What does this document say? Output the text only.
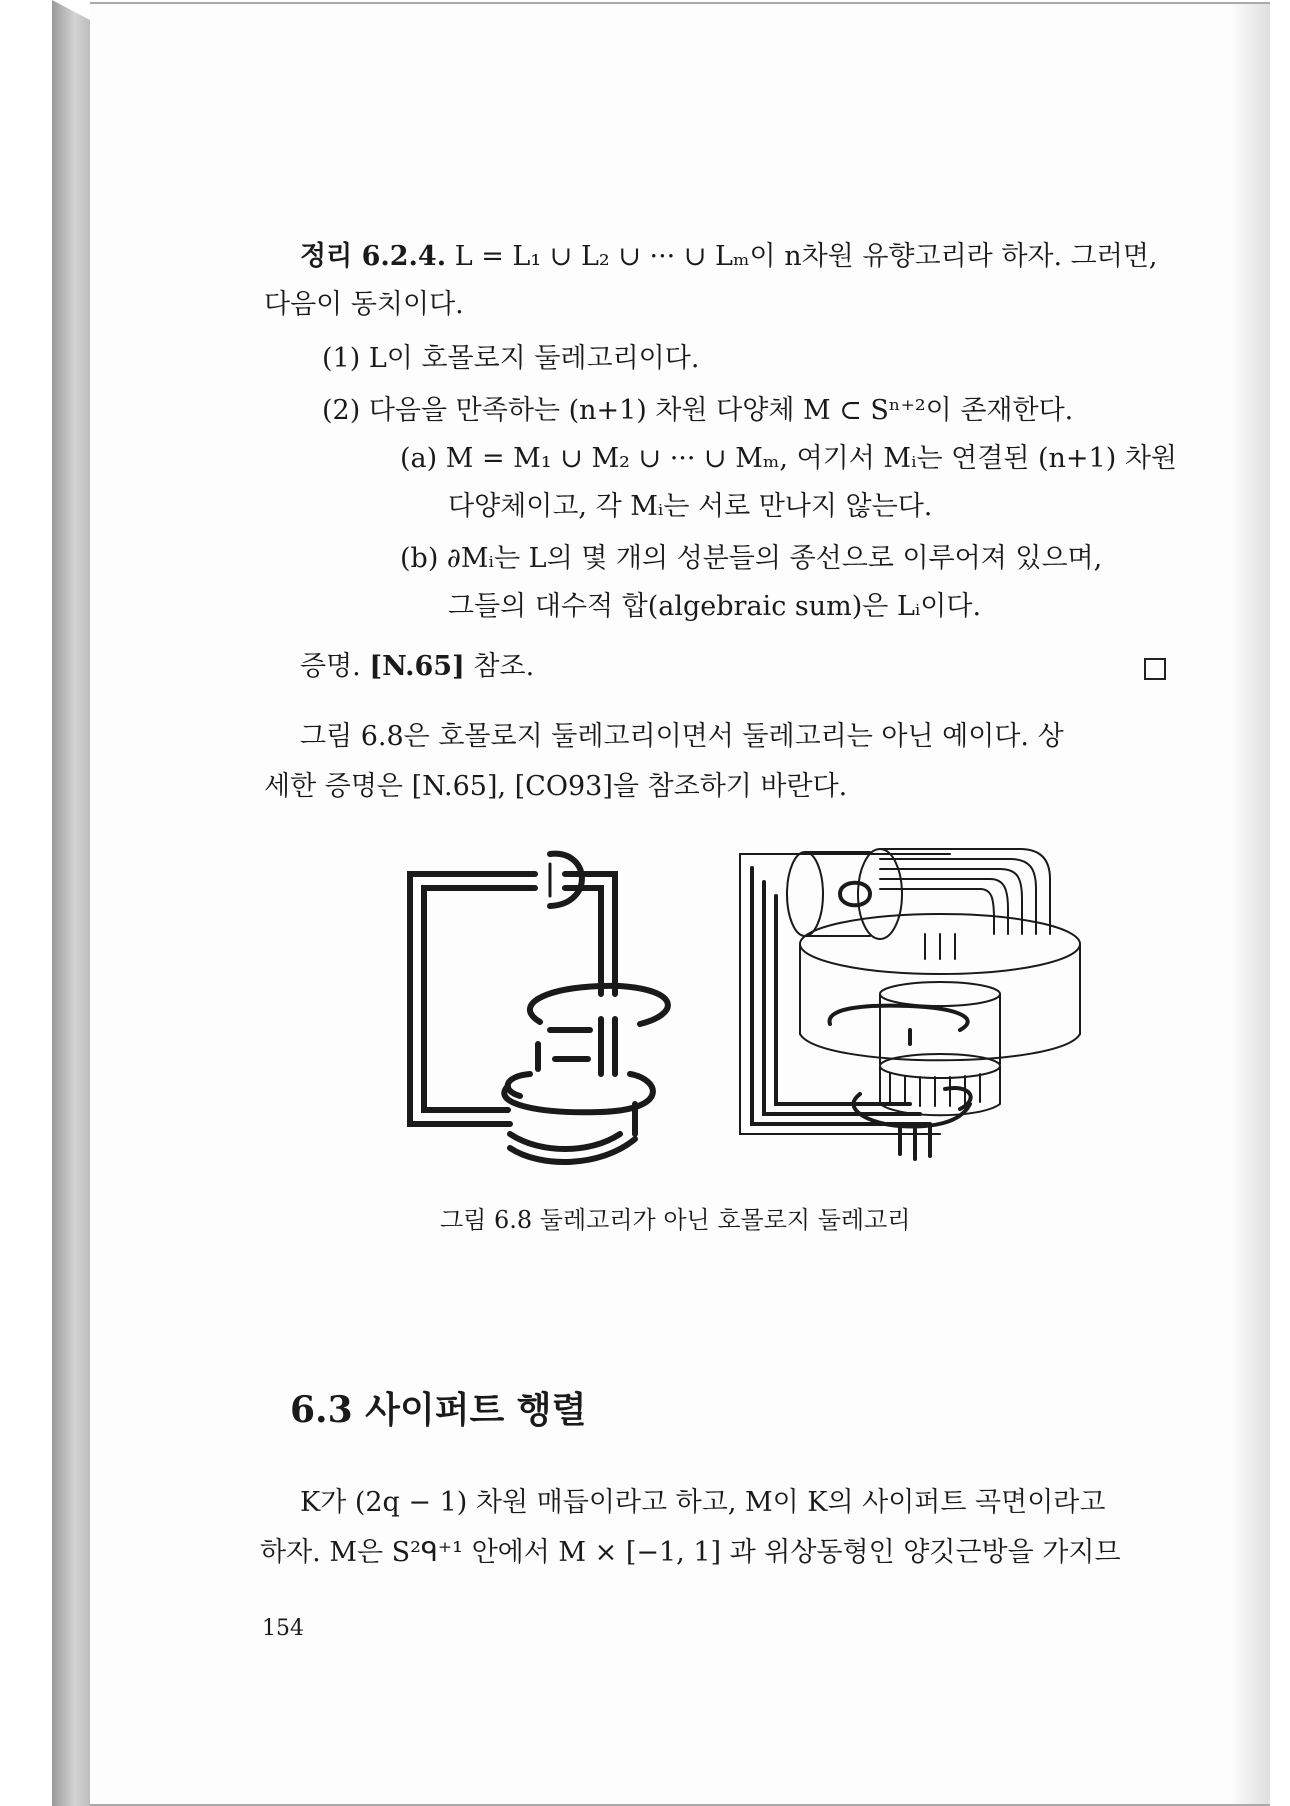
정리 6.2.4. L = L₁ ∪ L₂ ∪ ··· ∪ Lₘ이 n차원 유향고리라 하자. 그러면,
다음이 동치이다.
(1) L이 호몰로지 둘레고리이다.
(2) 다음을 만족하는 (n+1) 차원 다양체 M ⊂ Sⁿ⁺²이 존재한다.
(a) M = M₁ ∪ M₂ ∪ ··· ∪ Mₘ, 여기서 Mᵢ는 연결된 (n+1) 차원
다양체이고, 각 Mᵢ는 서로 만나지 않는다.
(b) ∂Mᵢ는 L의 몇 개의 성분들의 종선으로 이루어져 있으며,
그들의 대수적 합(algebraic sum)은 Lᵢ이다.
증명. [N.65] 참조.
그림 6.8은 호몰로지 둘레고리이면서 둘레고리는 아닌 예이다. 상
세한 증명은 [N.65], [CO93]을 참조하기 바란다.
그림 6.8 둘레고리가 아닌 호몰로지 둘레고리
6.3 사이퍼트 행렬
K가 (2q − 1) 차원 매듭이라고 하고, M이 K의 사이퍼트 곡면이라고
하자. M은 S²ᑫ⁺¹ 안에서 M × [−1, 1] 과 위상동형인 양깃근방을 가지므
154
